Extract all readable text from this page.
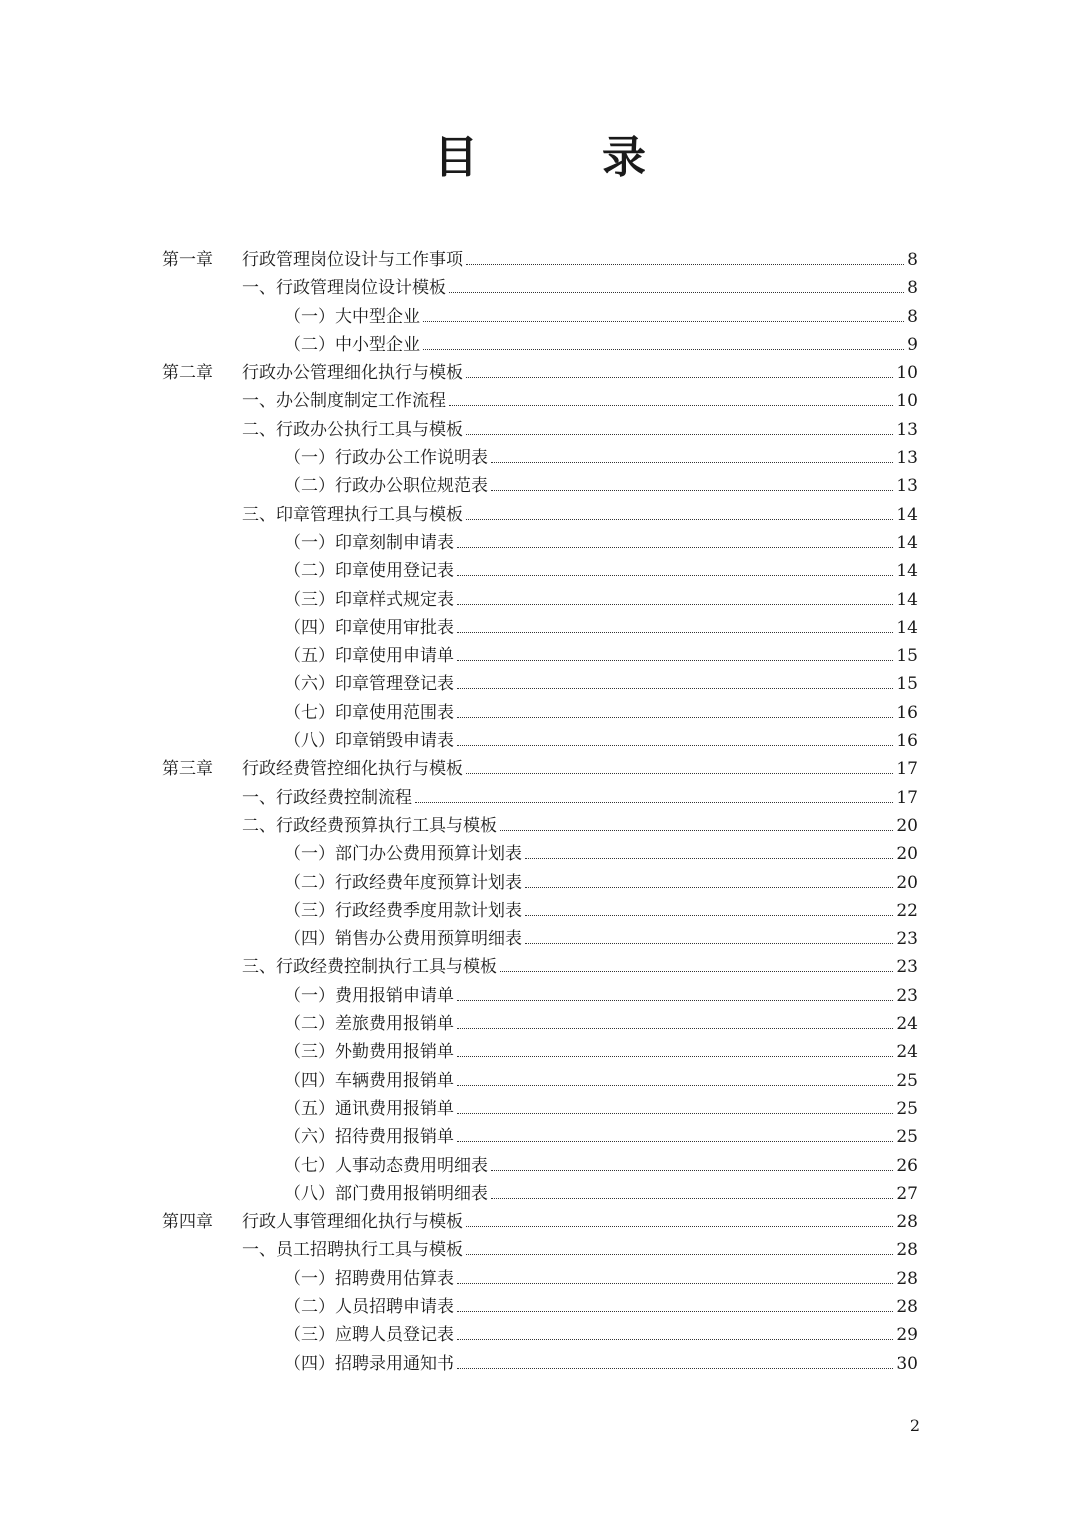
目　录
第一章	行政管理岗位设计与工作事项	8
一、行政管理岗位设计模板	8
（一）大中型企业	8
（二）中小型企业	9
第二章	行政办公管理细化执行与模板	10
一、办公制度制定工作流程	10
二、行政办公执行工具与模板	13
（一）行政办公工作说明表	13
（二）行政办公职位规范表	13
三、印章管理执行工具与模板	14
（一）印章刻制申请表	14
（二）印章使用登记表	14
（三）印章样式规定表	14
（四）印章使用审批表	14
（五）印章使用申请单	15
（六）印章管理登记表	15
（七）印章使用范围表	16
（八）印章销毁申请表	16
第三章	行政经费管控细化执行与模板	17
一、行政经费控制流程	17
二、行政经费预算执行工具与模板	20
（一）部门办公费用预算计划表	20
（二）行政经费年度预算计划表	20
（三）行政经费季度用款计划表	22
（四）销售办公费用预算明细表	23
三、行政经费控制执行工具与模板	23
（一）费用报销申请单	23
（二）差旅费用报销单	24
（三）外勤费用报销单	24
（四）车辆费用报销单	25
（五）通讯费用报销单	25
（六）招待费用报销单	25
（七）人事动态费用明细表	26
（八）部门费用报销明细表	27
第四章	行政人事管理细化执行与模板	28
一、员工招聘执行工具与模板	28
（一）招聘费用估算表	28
（二）人员招聘申请表	28
（三）应聘人员登记表	29
（四）招聘录用通知书	30
2
